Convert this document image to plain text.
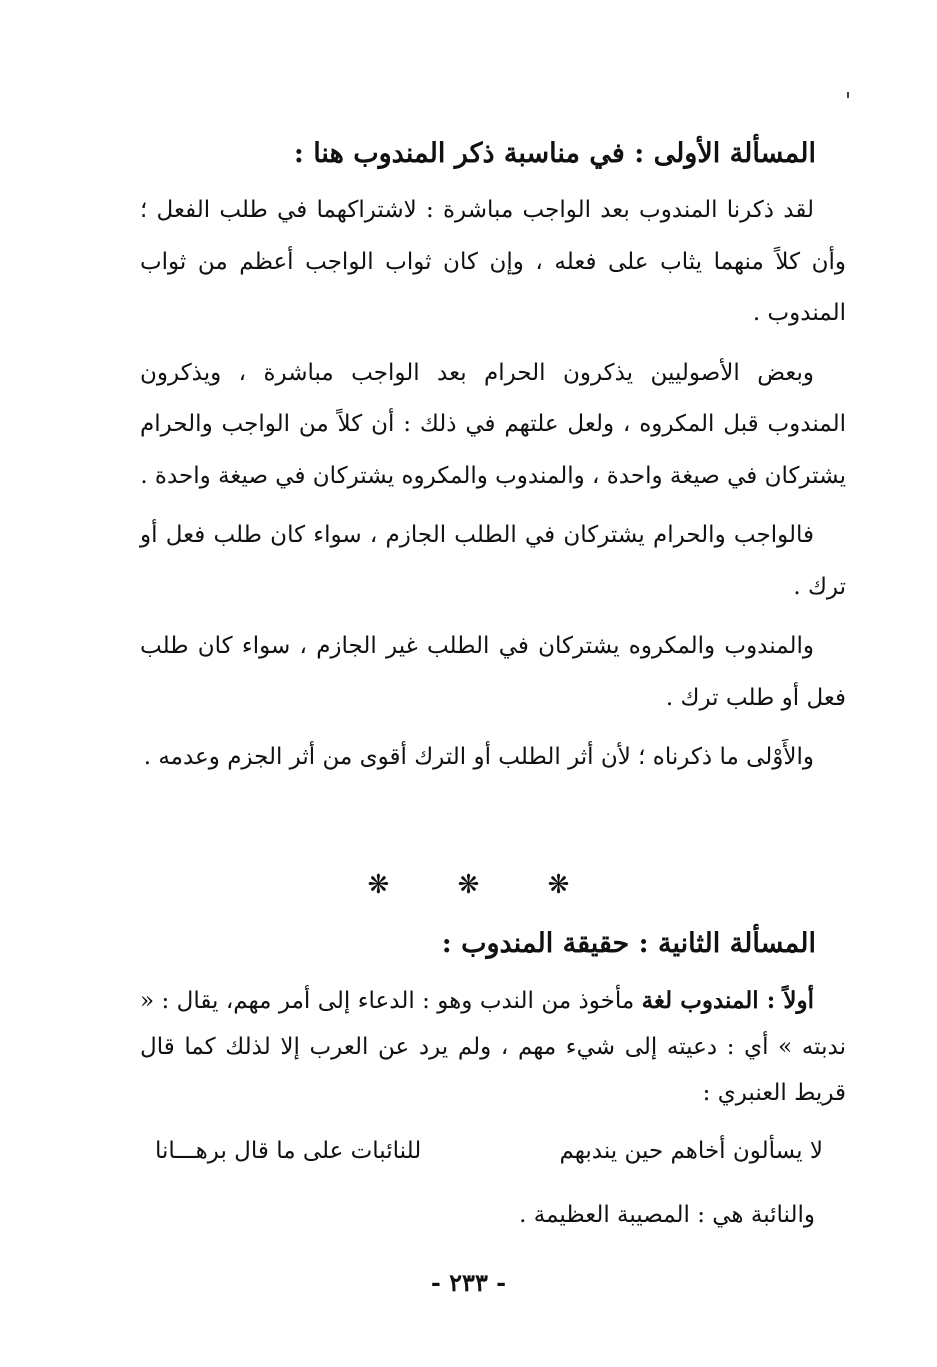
المسألة الأولى : في مناسبة ذكر المندوب هنا :

لقد ذكرنا المندوب بعد الواجب مباشرة : لاشتراكهما في طلب الفعل ؛ وأن كلاً منهما يثاب على فعله ، وإن كان ثواب الواجب أعظم من ثواب المندوب .

وبعض الأصوليين يذكرون الحرام بعد الواجب مباشرة ، ويذكرون المندوب قبل المكروه ، ولعل علتهم في ذلك : أن كلاً من الواجب والحرام يشتركان في صيغة واحدة ، والمندوب والمكروه يشتركان في صيغة واحدة .

فالواجب والحرام يشتركان في الطلب الجازم ، سواء كان طلب فعل أو ترك .

والمندوب والمكروه يشتركان في الطلب غير الجازم ، سواء كان طلب فعل أو طلب ترك .

والأَوْلى ما ذكرناه ؛ لأن أثر الطلب أو الترك أقوى من أثر الجزم وعدمه .

❋	❋	❋
المسألة الثانية : حقيقة المندوب :

أولاً : المندوب لغة مأخوذ من الندب وهو : الدعاء إلى أمر مهم، يقال : « ندبته » أي : دعيته إلى شيء مهم ، ولم يرد عن العرب إلا لذلك كما قال قريط العنبري :

لا يسألون أخاهم حين يندبهم
للنائبات على ما قال برهـــانا

والنائبة هي : المصيبة العظيمة .

- ٢٣٣ -
